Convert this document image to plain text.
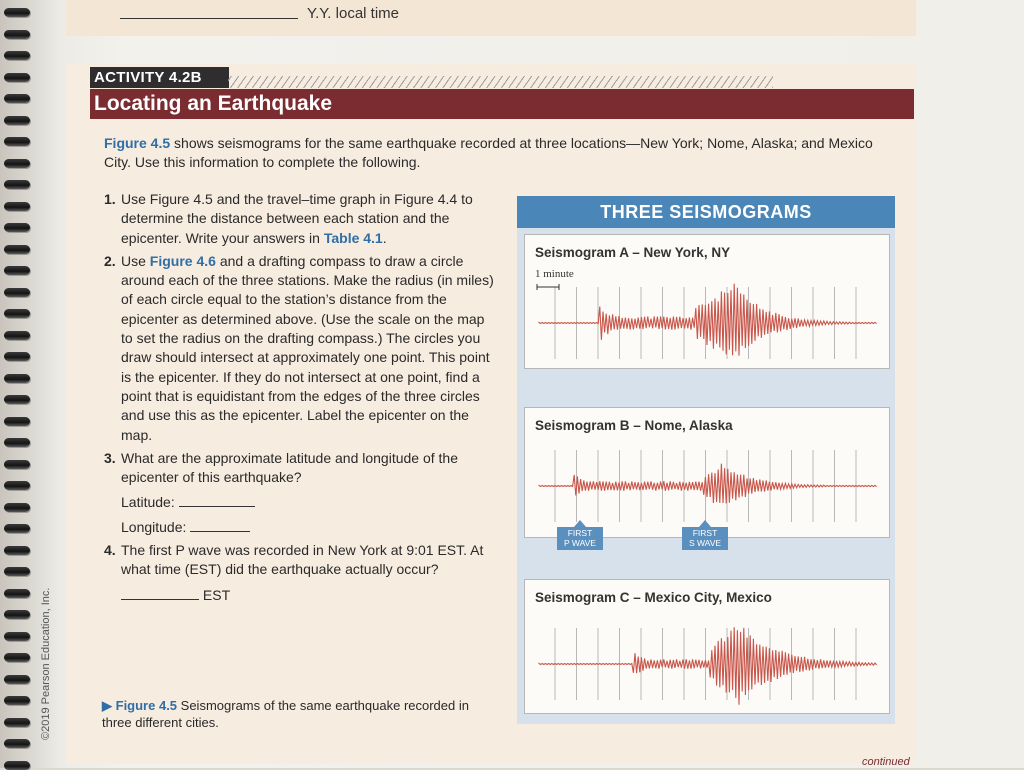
Y.Y. local time
ACTIVITY 4.2B
Locating an Earthquake
Figure 4.5 shows seismograms for the same earthquake recorded at three locations—New York; Nome, Alaska; and Mexico City. Use this information to complete the following.
1. Use Figure 4.5 and the travel–time graph in Figure 4.4 to determine the distance between each station and the epicenter. Write your answers in Table 4.1.
2. Use Figure 4.6 and a drafting compass to draw a circle around each of the three stations. Make the radius (in miles) of each circle equal to the station’s distance from the epicenter as determined above. (Use the scale on the map to set the radius on the drafting compass.) The circles you draw should intersect at approximately one point. This point is the epicenter. If they do not intersect at one point, find a point that is equidistant from the edges of the three circles and use this as the epicenter. Label the epicenter on the map.
3. What are the approximate latitude and longitude of the epicenter of this earthquake?
Latitude:
Longitude:
4. The first P wave was recorded in New York at 9:01 EST. At what time (EST) did the earthquake actually occur?
EST
▶ Figure 4.5 Seismograms of the same earthquake recorded in three different cities.
THREE SEISMOGRAMS
Seismogram A – New York, NY
1 minute
Seismogram B – Nome, Alaska
FIRST
P WAVE
FIRST
S WAVE
Seismogram C – Mexico City, Mexico
©2019 Pearson Education, Inc.
continued
